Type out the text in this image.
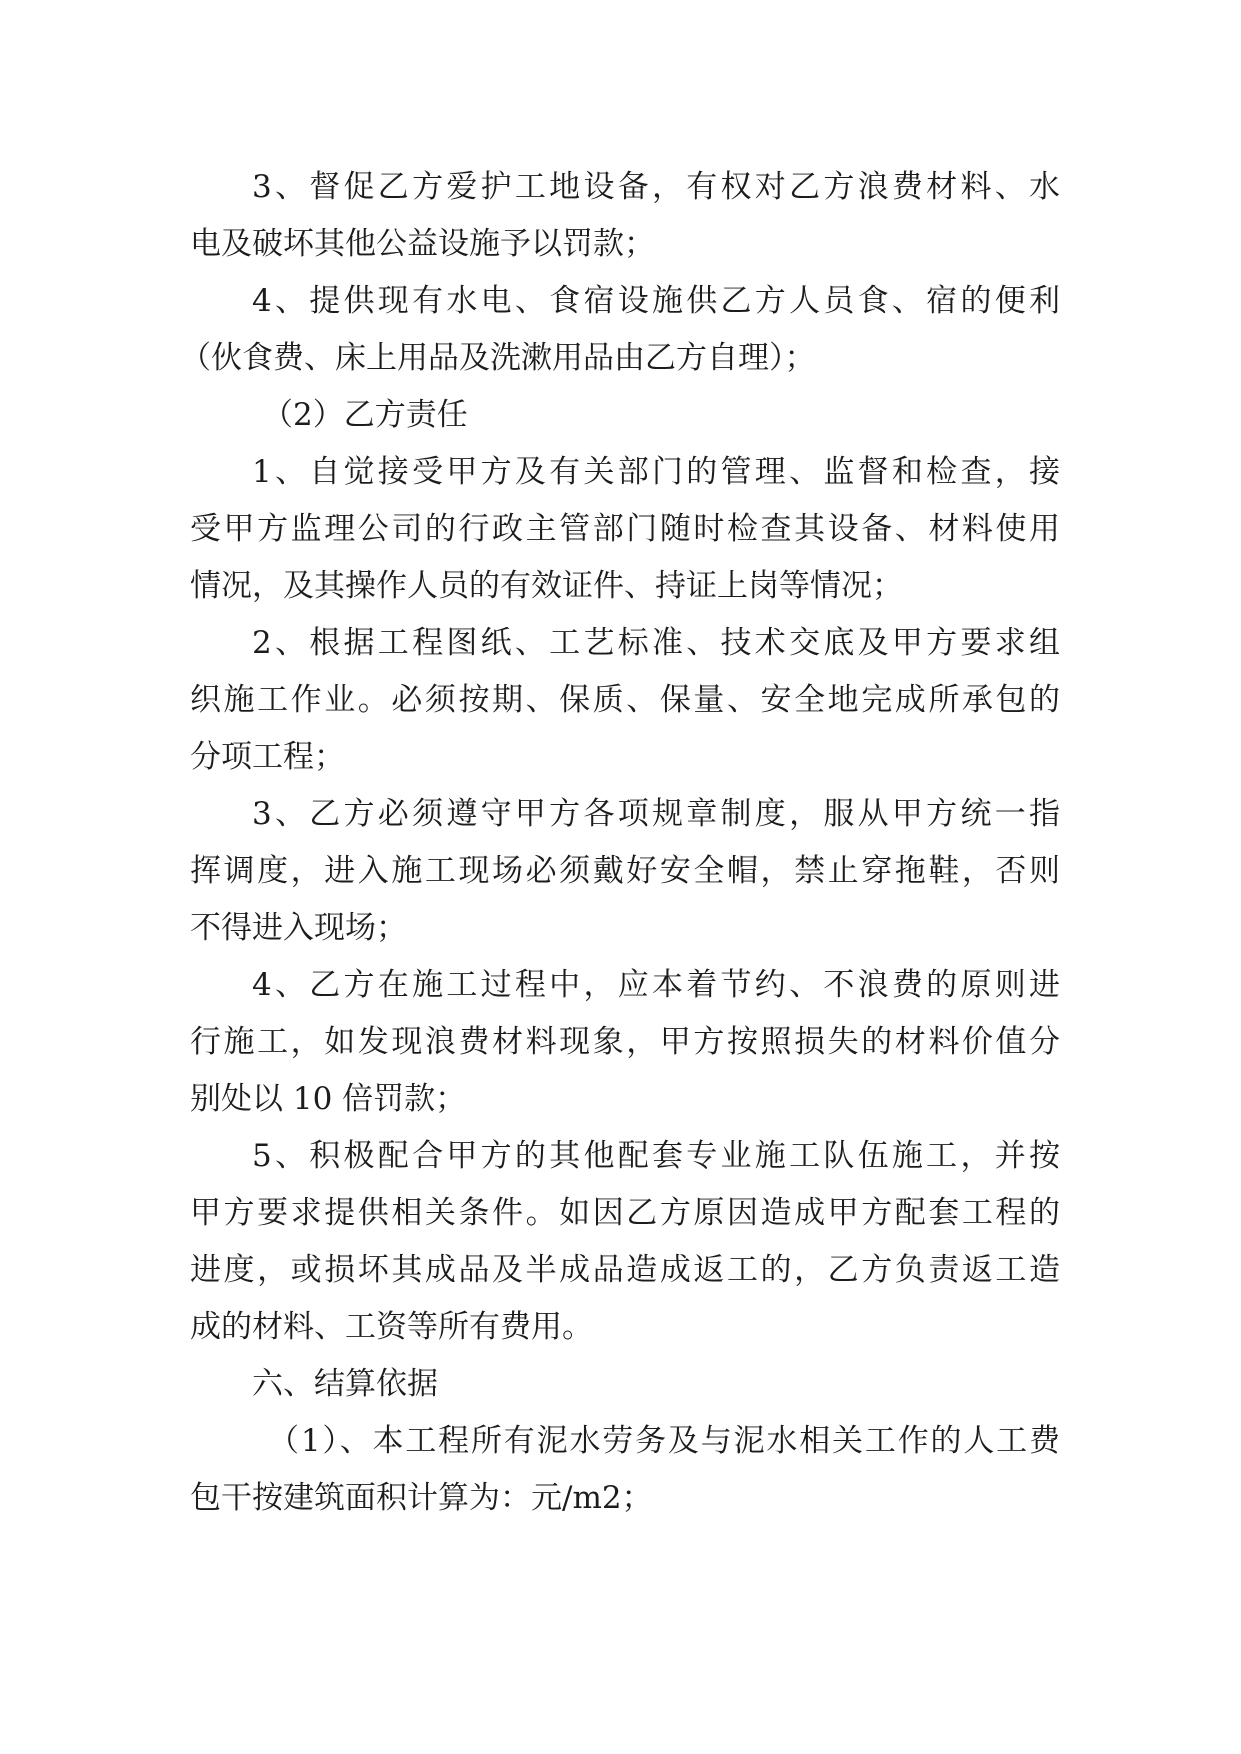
3、督促乙方爱护工地设备，有权对乙方浪费材料、水
电及破坏其他公益设施予以罚款；
4、提供现有水电、食宿设施供乙方人员食、宿的便利
（伙食费、床上用品及洗漱用品由乙方自理）；
（2）乙方责任
1、自觉接受甲方及有关部门的管理、监督和检查，接
受甲方监理公司的行政主管部门随时检查其设备、材料使用
情况，及其操作人员的有效证件、持证上岗等情况；
2、根据工程图纸、工艺标准、技术交底及甲方要求组
织施工作业。必须按期、保质、保量、安全地完成所承包的
分项工程；
3、乙方必须遵守甲方各项规章制度，服从甲方统一指
挥调度，进入施工现场必须戴好安全帽，禁止穿拖鞋，否则
不得进入现场；
4、乙方在施工过程中，应本着节约、不浪费的原则进
行施工，如发现浪费材料现象，甲方按照损失的材料价值分
别处以 10 倍罚款；
5、积极配合甲方的其他配套专业施工队伍施工，并按
甲方要求提供相关条件。如因乙方原因造成甲方配套工程的
进度，或损坏其成品及半成品造成返工的，乙方负责返工造
成的材料、工资等所有费用。
六、结算依据
（1）、本工程所有泥水劳务及与泥水相关工作的人工费
包干按建筑面积计算为：元/m2；
